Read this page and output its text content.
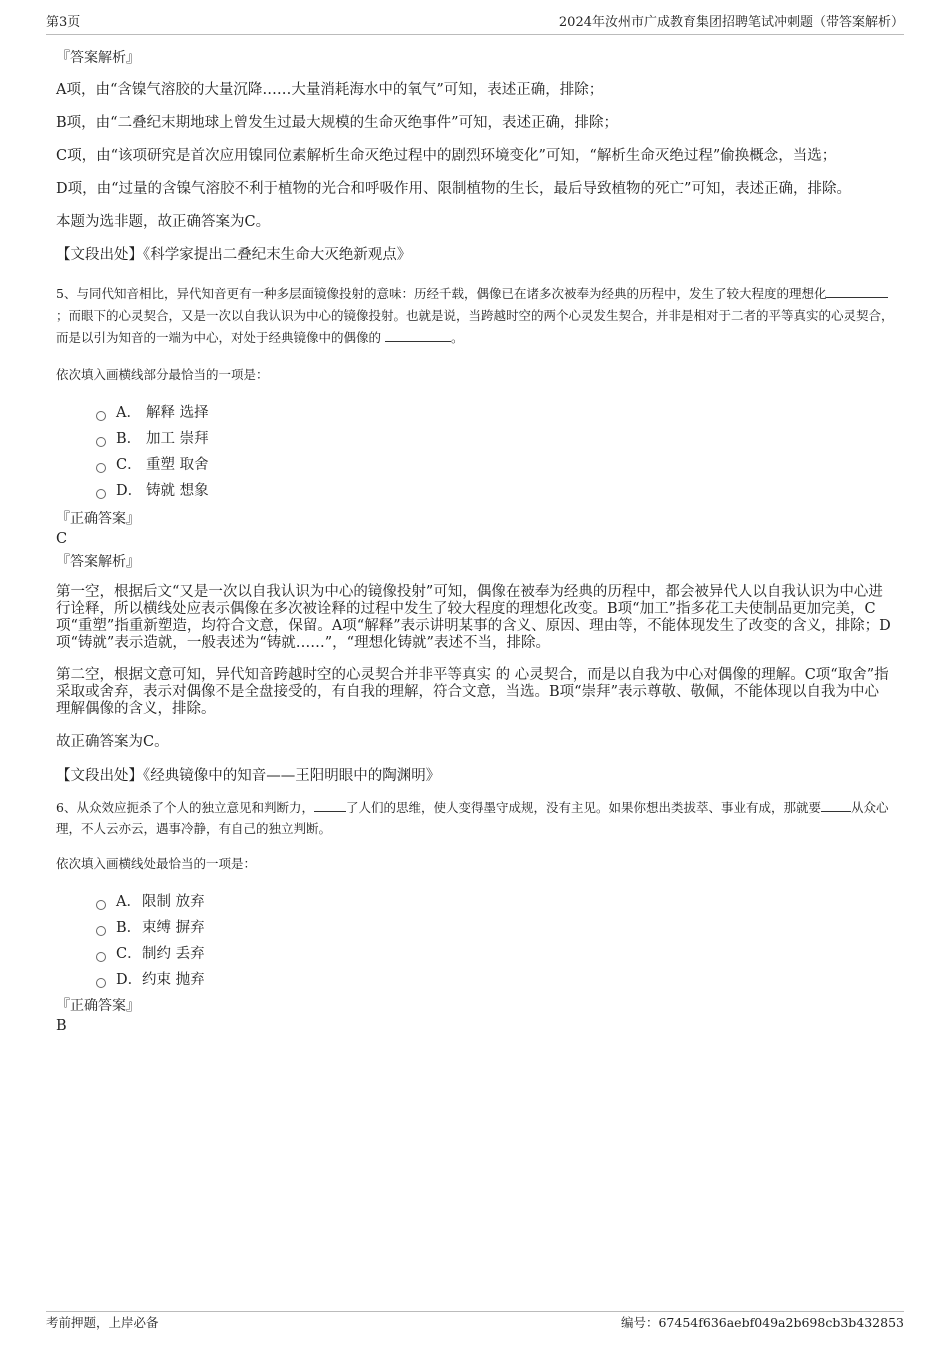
第3页	2024年汝州市广成教育集团招聘笔试冲刺题（带答案解析）
『答案解析』

A项，由“含镍气溶胶的大量沉降……大量消耗海水中的氧气”可知，表述正确，排除；

B项，由“二叠纪末期地球上曾发生过最大规模的生命灭绝事件”可知，表述正确，排除；

C项，由“该项研究是首次应用镍同位素解析生命灭绝过程中的剧烈环境变化”可知，“解析生命灭绝过程”偷换概念，当选；

D项，由“过量的含镍气溶胶不利于植物的光合和呼吸作用、限制植物的生长，最后导致植物的死亡”可知，表述正确，排除。

本题为选非题，故正确答案为C。

【文段出处】《科学家提出二叠纪末生命大灭绝新观点》

5、与同代知音相比，异代知音更有一种多层面镜像投射的意味：历经千载，偶像已在诸多次被奉为经典的历程中，发生了较大程度的理想化；而眼下的心灵契合，又是一次以自我认识为中心的镜像投射。也就是说，当跨越时空的两个心灵发生契合，并非是相对于二者的平等真实的心灵契合，而是以引为知音的一端为中心，对处于经典镜像中的偶像的	。

依次填入画横线部分最恰当的一项是：

A． 解释 选择
B． 加工 崇拜
C． 重塑 取舍
D． 铸就 想象
『正确答案』
C
『答案解析』

第一空，根据后文“又是一次以自我认识为中心的镜像投射”可知，偶像在被奉为经典的历程中，都会被异代人以自我认识为中心进行诠释，所以横线处应表示偶像在多次被诠释的过程中发生了较大程度的理想化改变。B项“加工”指多花工夫使制品更加完美，C项“重塑”指重新塑造，均符合文意，保留。A项“解释”表示讲明某事的含义、原因、理由等，不能体现发生了改变的含义，排除；D项“铸就”表示造就，一般表述为“铸就……”，“理想化铸就”表述不当，排除。

第二空，根据文意可知，异代知音跨越时空的心灵契合并非平等真实 的 心灵契合，而是以自我为中心对偶像的理解。C项“取舍”指采取或舍弃，表示对偶像不是全盘接受的，有自我的理解，符合文意，当选。B项“崇拜”表示尊敬、敬佩，不能体现以自我为中心理解偶像的含义，排除。

故正确答案为C。

【文段出处】《经典镜像中的知音——王阳明眼中的陶渊明》

6、从众效应扼杀了个人的独立意见和判断力，	了人们的思维，使人变得墨守成规，没有主见。如果你想出类拔萃、事业有成，那就要 从众心理，不人云亦云，遇事冷静，有自己的独立判断。

依次填入画横线处最恰当的一项是：

A． 限制 放弃
B． 束缚 摒弃
C． 制约 丢弃
D． 约束 抛弃
『正确答案』
B
考前押题，上岸必备	编号：67454f636aebf049a2b698cb3b432853
